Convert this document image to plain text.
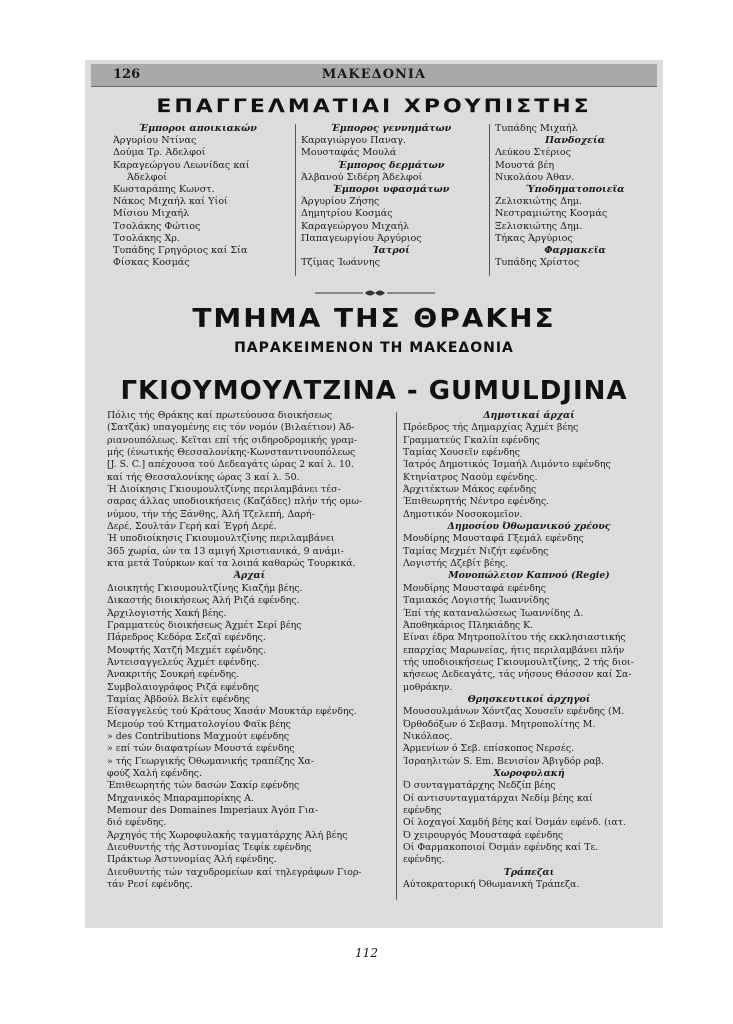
126	ΜΑΚΕΔΟΝΙΑ
ΕΠΑΓΓΕΛΜΑΤΙΑΙ ΧΡΟΥΠΙΣΤΗΣ
Έμποροι αποικιακών
Άργυρίου Ντίνας
Δούμα Τρ. Άδελφοί
Καραγεώργου Λεωνίδας καί
Άδελφοί
Κωσταράπης Κωνστ.
Νάκος Μιχαήλ καί Υίοί
Μίσιου Μιχαήλ
Τσολάκης Φώτιος
Τσολάκης Χρ.
Τυπάδης Γρηγόριος καί Σία
Φίσκας Κοσμάς
Έμπορος γεννημάτων
Καραγιώργου Παναγ.
Μουσταφάς Μουλά
Έμπορος δερμάτων
Άλβανού Σιδέρη Άδελφοί
Έμποροι υφασμάτων
Άργυρίου Ζήσης
Δημητρίου Κοσμάς
Καραγεώργου Μιχαήλ
Παπαγεωργίου Άργύριος
Ίατροί
Τζίμας Ίωάννης
Τυπάδης Μιχαήλ
Πανδοχεία
Λεύκου Στέριος
Μουστά βέη
Νικολάου Άθαν.
Ύποδηματοποιεΐα
Ζελισκιώτης Δημ.
Νεστραμιώτης Κοσμάς
Ξελισκιώτης Δημ.
Τήκας Άργύριος
Φαρμακεΐα
Τυπάδης Χρίστος
ΤΜΗΜΑ ΤΗΣ ΘΡΑΚΗΣ
ΠΑΡΑΚΕΙΜΕΝΟΝ ΤΗ ΜΑΚΕΔΟΝΙΑ
ΓΚΙΟΥΜΟΥΛΤΖΙΝΑ - GUMULDJINA
Πόλις τής Θράκης καί πρωτεύουσα διοικήσεως
(Σατζάκ) υπαγομένης εις τόν νομόν (Βιλαέτιον) Άδ-
ριανουπόλεως. Κεΐται επί τής σιδηροδρομικής γραμ-
μής (ένωτικής Θεσσαλονίκης-Κωνσταντινουπόλεως
[J. S. C.] απέχουσα τού Δεδεαγάτς ώρας 2 καί λ. 10.
καί τής Θεσσαλονίκης ώρας 3 καί λ. 50.
Ή Διοίκησις Γκιουμουλτζίνης περιλαμβάνει τέσ-
σαρας άλλας υποδιοικήσεις (Καζάδες) πλήν τής ομω-
νύμου, τήν τής Ξάνθης, Άλή Τζελεπή, Δαρή-
Δερέ, Σουλτάν Γερή καί Έγρή Δερέ.
Ή υποδιοίκησις Γκιουμουλτζίνης περιλαμβάνει
365 χωρία, ών τα 13 αμιγή Χριστιανικά, 9 ανάμι-
κτα μετά Τούρκων καί τα λοιπά καθαρώς Τουρκικά.
Άρχαί
Διοικητής Γκιουμουλτζίνης Κιαζήμ βέης.
Δικαστής διοικήσεως Άλή Ριζά εφένδης.
Άρχιλογιστής Χακή βέης.
Γραμματεύς διοικήσεως Άχμέτ Σερί βέης
Πάρεδρος Κεδόρα Σεζαΐ εφένδης.
Μουφτής Χατζή Μεχμέτ εφένδης.
Άντεισαγγελεύς Άχμέτ εφένδης.
Άνακριτής Σουκρή εφένδης.
Συμβολαιογράφος Ριζά εφένδης
Ταμίας Άβδούλ Βελίτ εφένδης
Είσαγγελεύς τού Κράτους Χασάν Μουκτάρ εφένδης.
Μεμούρ τού Κτηματολογίου Φαΐκ βέης
» des Contributions Μαχμούτ εφένδης
» επί τών διαφατρίων Μουστά εφένδης
» τής Γεωργικής Όθωμανικής τραπέζης Χα-
φούζ Χαλή εφένδης.
Έπιθεωρητής τών δασών Σακίρ εφένδης
Μηχανικός Μπαραμπορίκης Α.
Memour des Domaines Imperiaux Άγόπ Για-
διό εφένδης.
Άρχηγός τής Χωροφυλακής ταγματάρχης Άλή βέης
Διευθυντής τής Άστυνομίας Τεφίκ εφένδης
Πράκτωρ Άστυνομίας Άλή εφένδης.
Διευθυντής τών ταχυδρομείων καί τηλεγράφων Γιορ-
τάν Ρεσί εφένδης.
Δημοτικαί άρχαί
Πρόεδρος τής Δημαρχίας Άχμέτ βέης
Γραμματεύς Γκαλίπ εφένδης
Ταμίας Χουσεΐν εφένδης
Ίατρός Δημοτικός Ίσμαήλ Λιμόντο εφένδης
Κτηνίατρος Ναούμ εφένδης.
Άρχιτέκτων Μάκος εφένδης
Έπιθεωρητής Νέντρο εφένδης.
Δημοτικόν Νοσοκομεΐον.
Δημοσίου Όθωμανικού χρέους
Μουδίρης Μουσταφά Γξεμάλ εφένδης
Ταμίας Μεχμέτ Νιζήτ εφένδης
Λογιστής Δζεβίτ βέης.
Μονοπώλειον Καπνού (Regie)
Μουδίρης Μουσταφά εφένδης
Ταμιακός Λογιστής Ίωαννίδης
Έπί τής καταναλώσεως Ίωαννίδης Δ.
Άποθηκάριος Πληκιάδης Κ.
Είναι έδρα Μητροπολίτου τής εκκλησιαστικής
επαρχίας Μαρωνείας, ήτις περιλαμβάνει πλήν
τής υποδιοικήσεως Γκιουμουλτζίνης, 2 τής διοι-
κήσεως Δεδεαγάτς, τάς νήσους Θάσσον καί Σα-
μοθράκην.
Θρησκευτικοί άρχηγοί
Μουσουλμάνων Χόντζας Χουσεΐν εφένδης (Μ.
Όρθοδόξων ό Σεβασμ. Μητροπολίτης Μ.
Νικόλαος.
Άρμενίων ό Σεβ. επίσκοπος Νερσές.
Ίσραηλιτών S. Em. Βενισίον Άβιγδόρ ραβ.
Χωροφυλακή
Ό συνταγματάρχης Νεδζίπ βέης
Οί αντισυνταγματάρχαι Νεδίμ βέης καί
εφένδης
Οί λοχαγοί Χαμδή βέης καί Όσμάν εφένδ. (ιατ.
Ό χειρουργός Μουσταφά εφένδης
Οί Φαρμακοποιοί Όσμάν εφένδης καί Τε.
εφένδης.
Τράπεζαι
Αύτοκρατορική Όθωμανική Τράπεζα.
112
